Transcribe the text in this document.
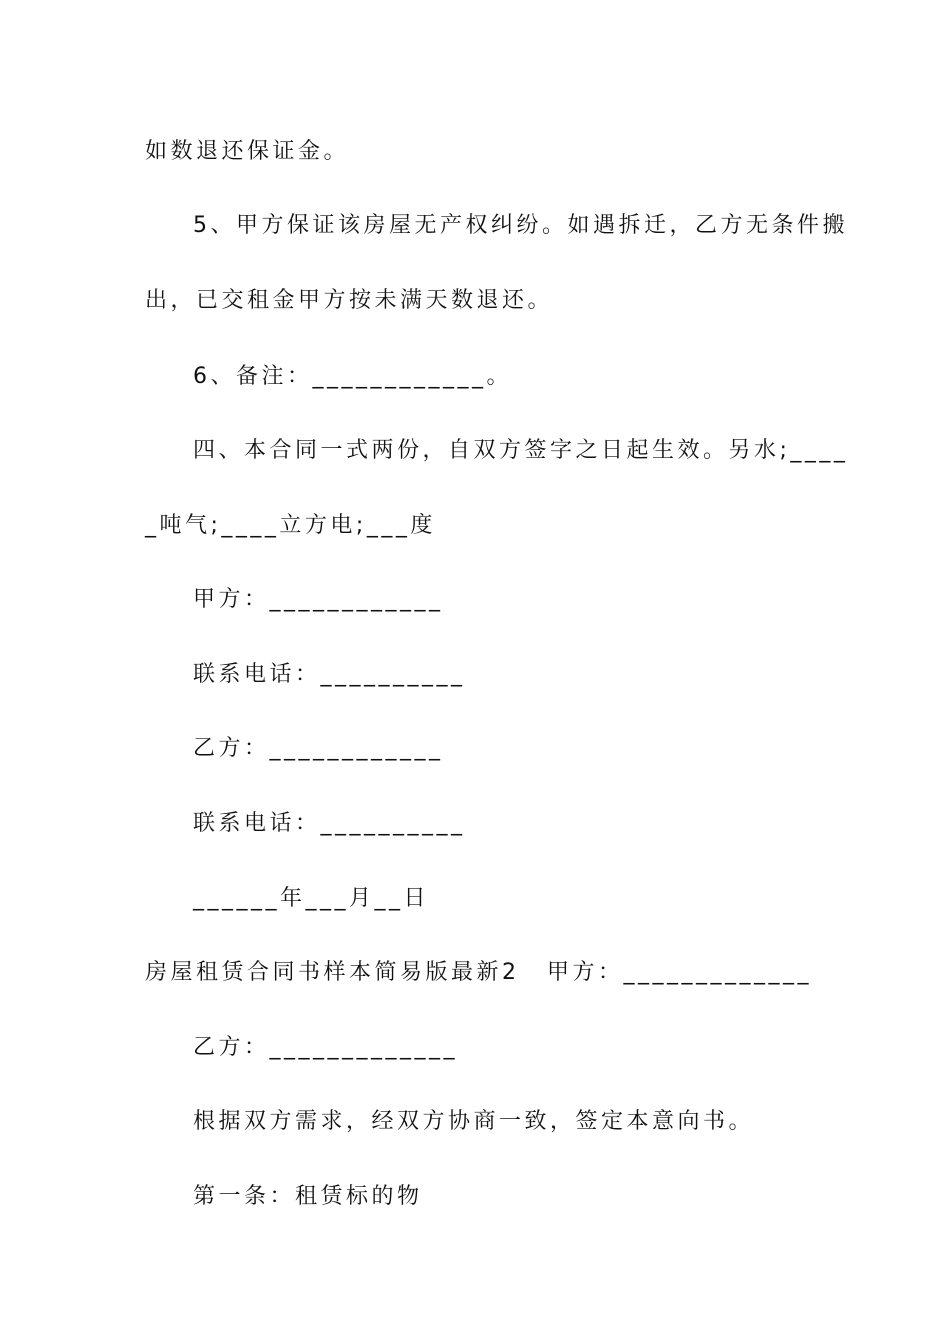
如数退还保证金。
5、甲方保证该房屋无产权纠纷。如遇拆迁，乙方无条件搬
出，已交租金甲方按未满天数退还。
6、备注：____________。
四、本合同一式两份，自双方签字之日起生效。另水;____
_吨气;____立方电;___度
甲方：____________
联系电话：__________
乙方：____________
联系电话：__________
______年___月__日
房屋租赁合同书样本简易版最新2 甲方：_____________
乙方：_____________
根据双方需求，经双方协商一致，签定本意向书。
第一条：租赁标的物
